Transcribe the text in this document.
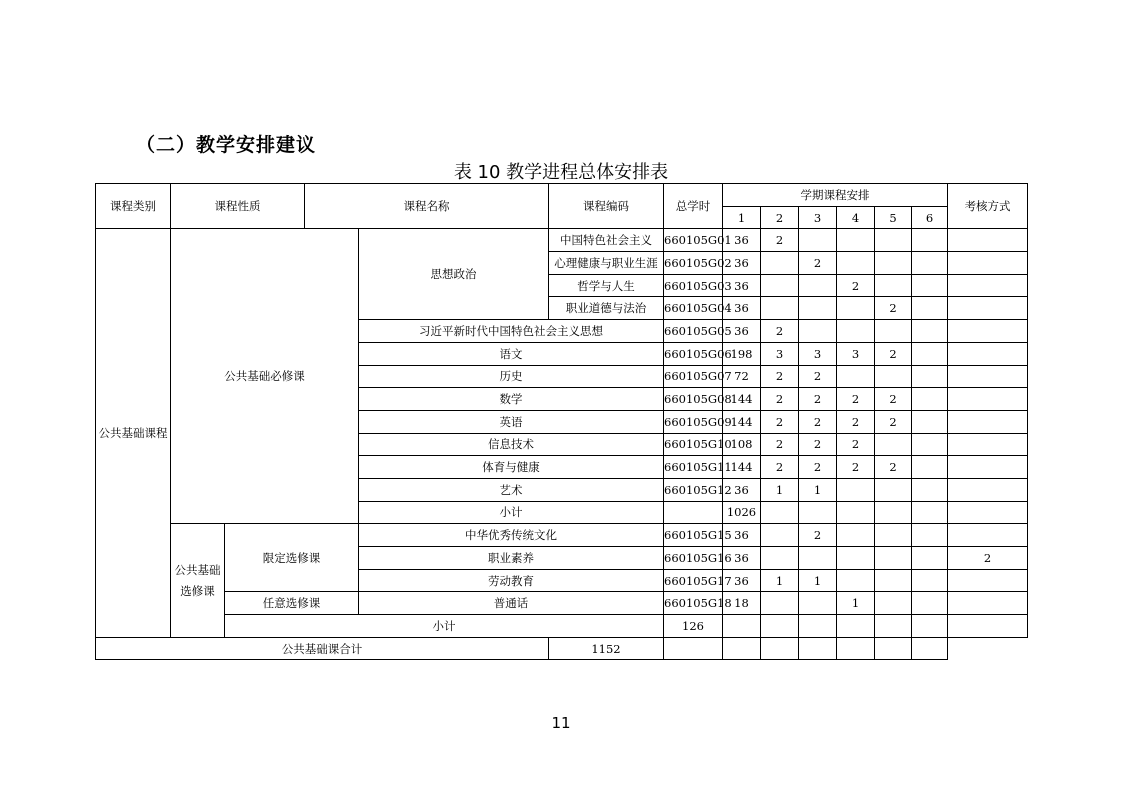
（二）教学安排建议
表 10 教学进程总体安排表
课程类别	课程性质		课程名称		课程编码	总学时	学期课程安排						考核方式	
							1	2	3	4	5	6		
公共基础课程	公共基础必修课			思想政治	中国特色社会主义	660105G01	36	2						
					心理健康与职业生涯	660105G02	36		2					
					哲学与人生	660105G03	36			2				
					职业道德与法治	660105G04	36				2			
				习近平新时代中国特色社会主义思想		660105G05	36	2						
				语文		660105G06	198	3	3	3	2			
				历史		660105G07	72	2	2					
				数学		660105G08	144	2	2	2	2			
				英语		660105G09	144	2	2	2	2			
				信息技术		660105G10	108	2	2	2				
				体育与健康		660105G11	144	2	2	2	2			
				艺术		660105G12	36	1	1					
				小计			1026							
	公共基础选修课	限定选修课		中华优秀传统文化		660105G15	36		2					
				职业素养		660105G16	36						2	
				劳动教育		660105G17	36	1	1					
		任意选修课		普通话		660105G18	18			1				
		小计				126								
公共基础课合计					1152									
11
